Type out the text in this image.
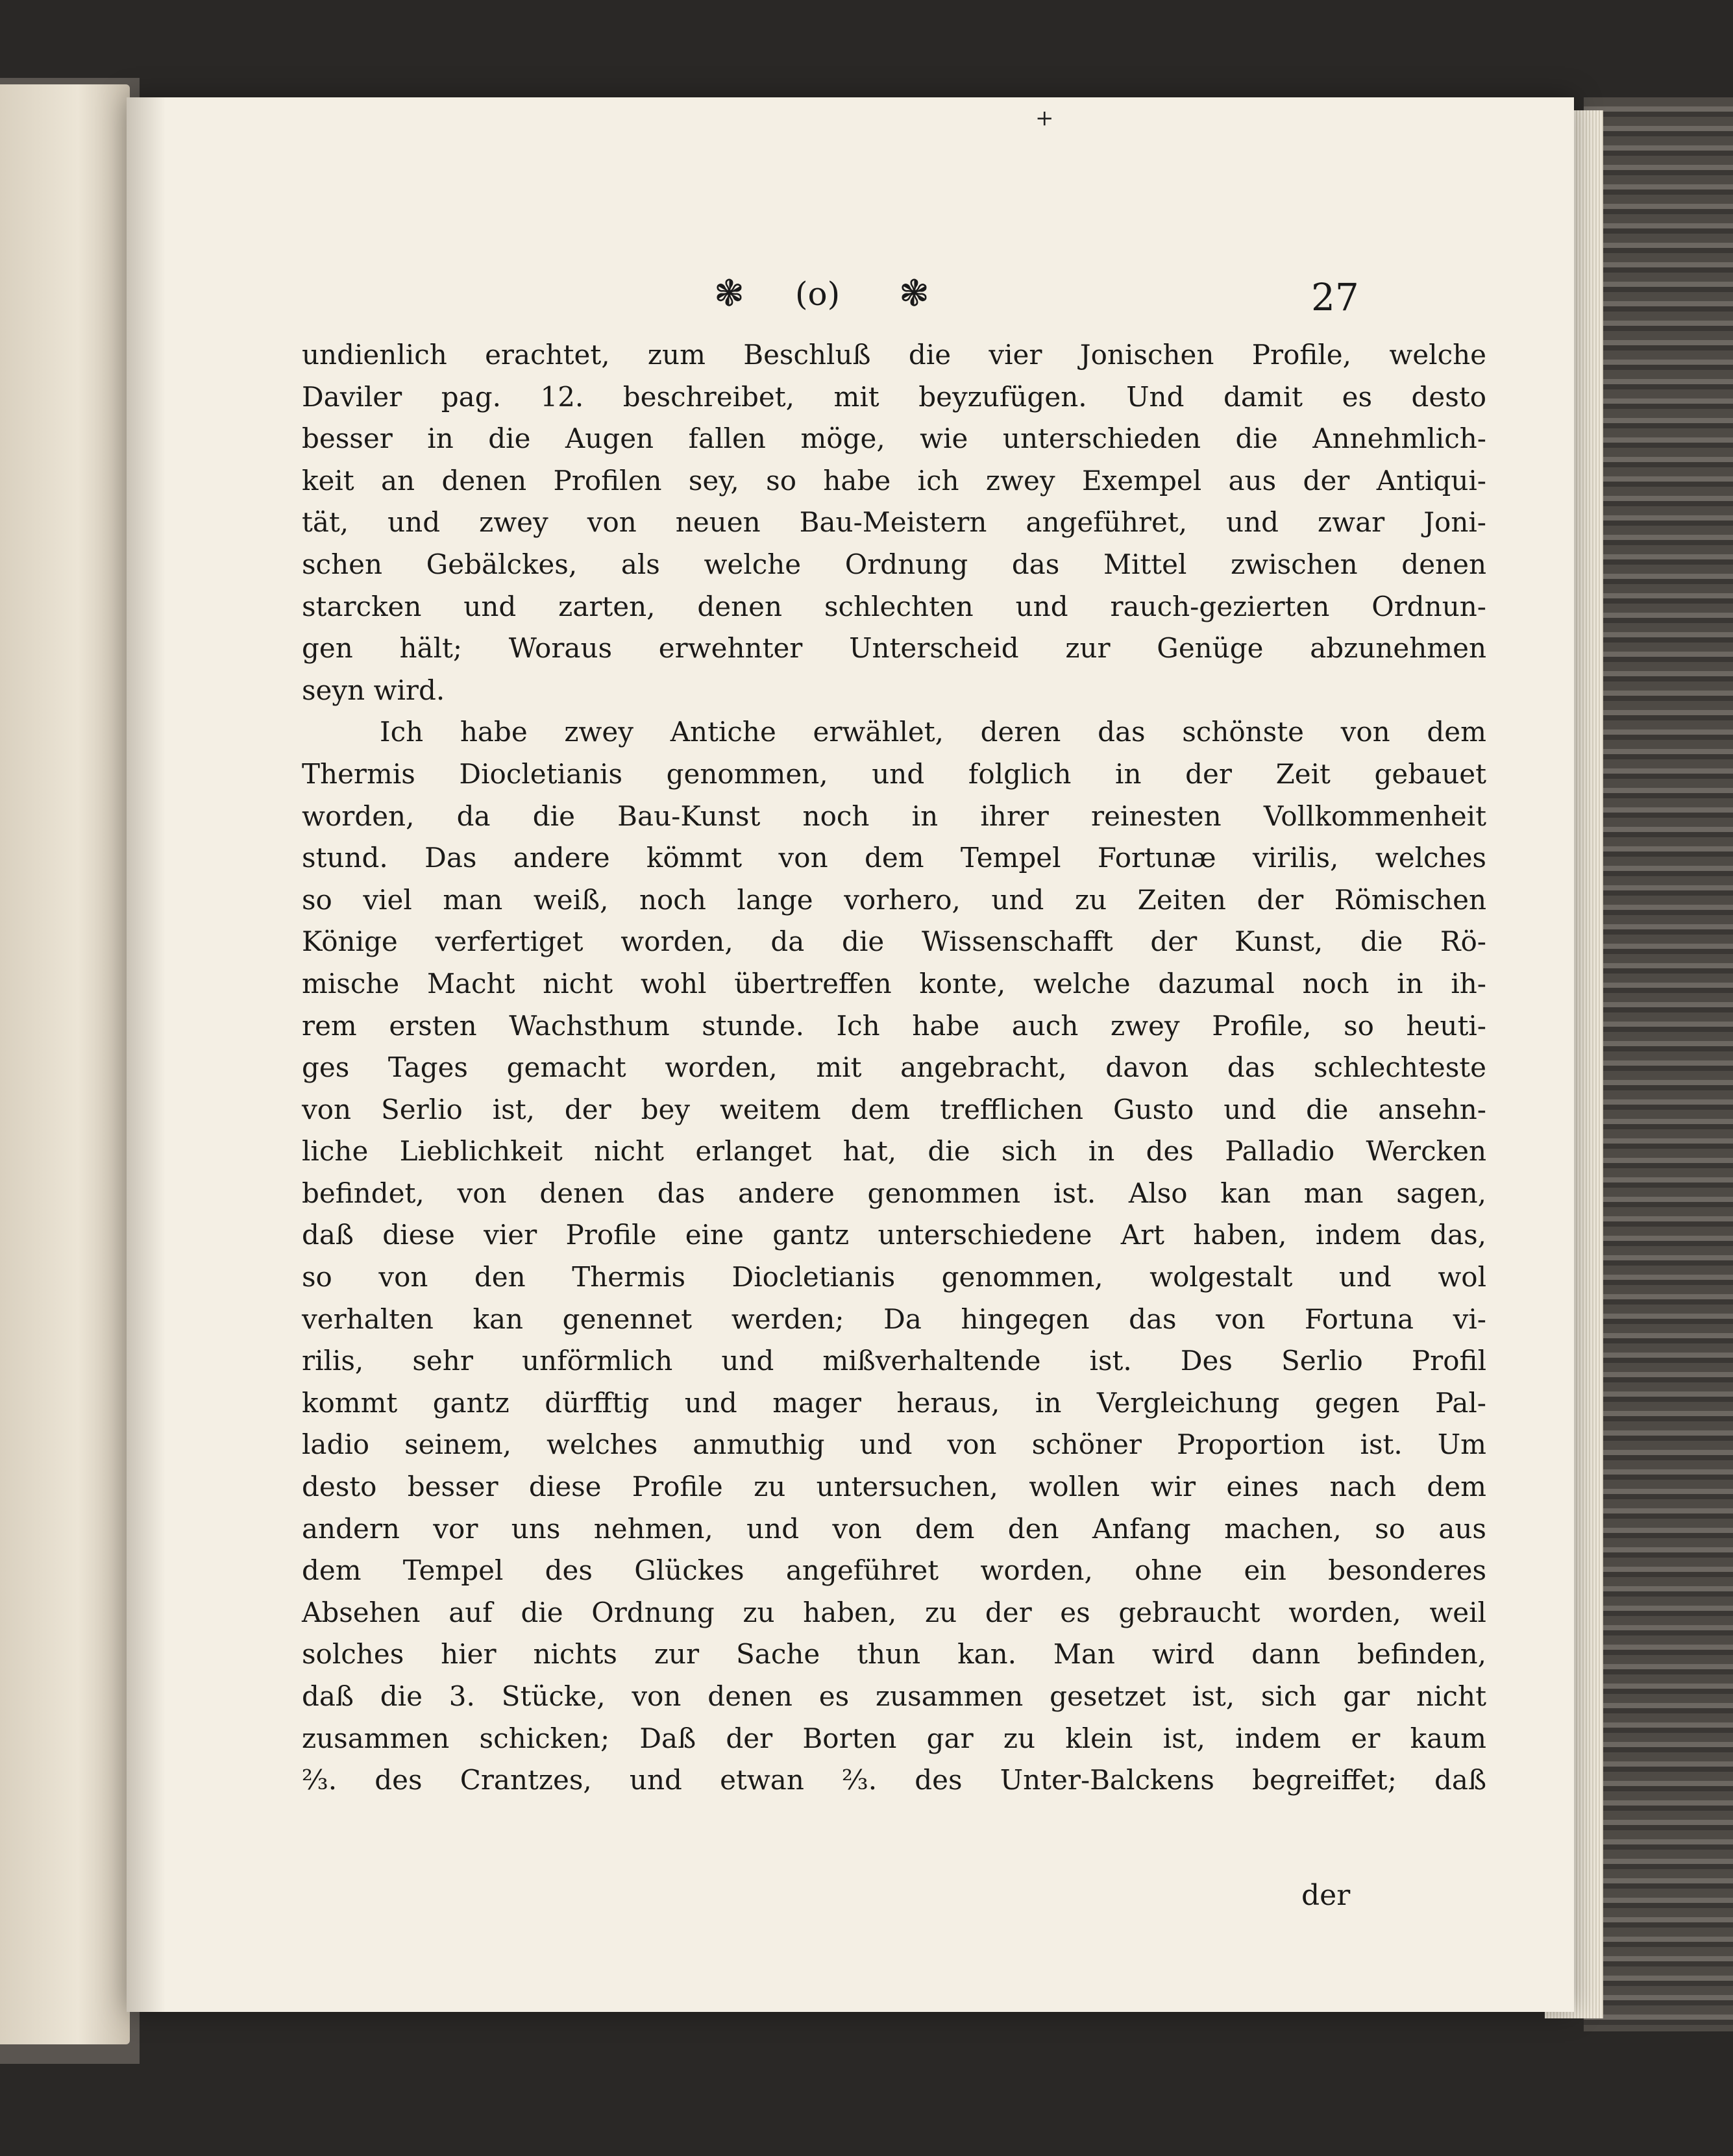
+
❃ (o) ❃	27
undienlich erachtet, zum Beschluß die vier Jonischen Profile, welche
Daviler pag. 12. beschreibet, mit beyzufügen. Und damit es desto
besser in die Augen fallen möge, wie unterschieden die Annehmlich-
keit an denen Profilen sey, so habe ich zwey Exempel aus der Antiqui-
tät, und zwey von neuen Bau-Meistern angeführet, und zwar Joni-
schen Gebälckes, als welche Ordnung das Mittel zwischen denen
starcken und zarten, denen schlechten und rauch-gezierten Ordnun-
gen hält; Woraus erwehnter Unterscheid zur Genüge abzunehmen
seyn wird.
Ich habe zwey Antiche erwählet, deren das schönste von dem
Thermis Diocletianis genommen, und folglich in der Zeit gebauet
worden, da die Bau-Kunst noch in ihrer reinesten Vollkommenheit
stund. Das andere kömmt von dem Tempel Fortunæ virilis, welches
so viel man weiß, noch lange vorhero, und zu Zeiten der Römischen
Könige verfertiget worden, da die Wissenschafft der Kunst, die Rö-
mische Macht nicht wohl übertreffen konte, welche dazumal noch in ih-
rem ersten Wachsthum stunde. Ich habe auch zwey Profile, so heuti-
ges Tages gemacht worden, mit angebracht, davon das schlechteste
von Serlio ist, der bey weitem dem trefflichen Gusto und die ansehn-
liche Lieblichkeit nicht erlanget hat, die sich in des Palladio Wercken
befindet, von denen das andere genommen ist. Also kan man sagen,
daß diese vier Profile eine gantz unterschiedene Art haben, indem das,
so von den Thermis Diocletianis genommen, wolgestalt und wol
verhalten kan genennet werden; Da hingegen das von Fortuna vi-
rilis, sehr unförmlich und mißverhaltende ist. Des Serlio Profil
kommt gantz dürfftig und mager heraus, in Vergleichung gegen Pal-
ladio seinem, welches anmuthig und von schöner Proportion ist. Um
desto besser diese Profile zu untersuchen, wollen wir eines nach dem
andern vor uns nehmen, und von dem den Anfang machen, so aus
dem Tempel des Glückes angeführet worden, ohne ein besonderes
Absehen auf die Ordnung zu haben, zu der es gebraucht worden, weil
solches hier nichts zur Sache thun kan. Man wird dann befinden,
daß die 3. Stücke, von denen es zusammen gesetzet ist, sich gar nicht
zusammen schicken; Daß der Borten gar zu klein ist, indem er kaum
⅔. des Crantzes, und etwan ⅔. des Unter-Balckens begreiffet; daß
der
